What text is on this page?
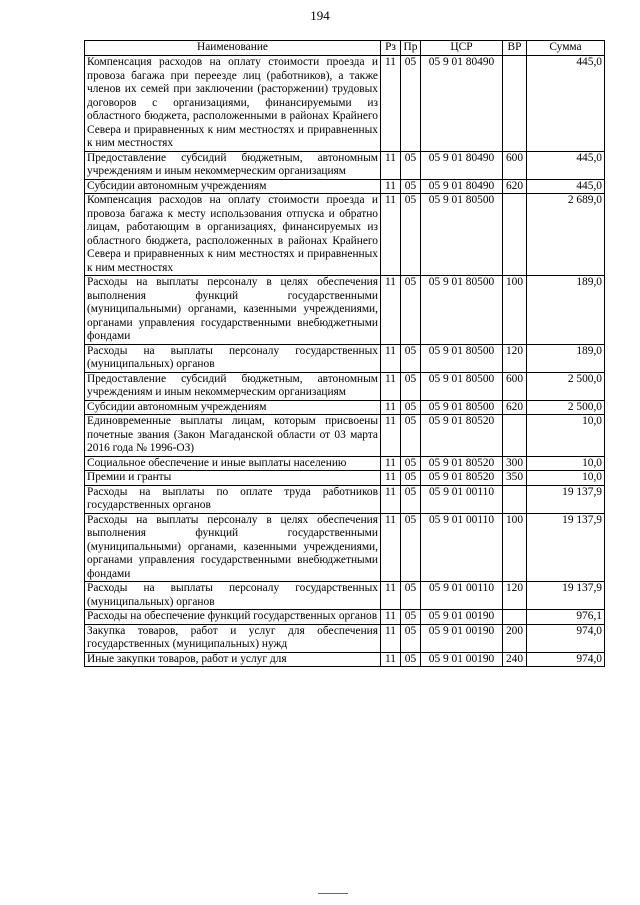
194
Наименование	Рз	Пр	ЦСР	ВР	Сумма
Компенсация расходов на оплату стоимости проезда и провоза багажа при переезде лиц (работников), а также членов их семей при заключении (расторжении) трудовых договоров с организациями, финансируемыми из областного бюджета, расположенными в районах Крайнего Севера и приравненных к ним местностях и приравненных к ним местностях	11	05	05 9 01 80490		445,0
Предоставление субсидий бюджетным, автономным учреждениям и иным некоммерческим организациям	11	05	05 9 01 80490	600	445,0
Субсидии автономным учреждениям	11	05	05 9 01 80490	620	445,0
Компенсация расходов на оплату стоимости проезда и провоза багажа к месту использования отпуска и обратно лицам, работающим в организациях, финансируемых из областного бюджета, расположенных в районах Крайнего Севера и приравненных к ним местностях и приравненных к ним местностях	11	05	05 9 01 80500		2 689,0
Расходы на выплаты персоналу в целях обеспечения выполнения функций государственными (муниципальными) органами, казенными учреждениями, органами управления государственными внебюджетными фондами	11	05	05 9 01 80500	100	189,0
Расходы на выплаты персоналу государственных (муниципальных) органов	11	05	05 9 01 80500	120	189,0
Предоставление субсидий бюджетным, автономным учреждениям и иным некоммерческим организациям	11	05	05 9 01 80500	600	2 500,0
Субсидии автономным учреждениям	11	05	05 9 01 80500	620	2 500,0
Единовременные выплаты лицам, которым присвоены почетные звания (Закон Магаданской области от 03 марта 2016 года № 1996-ОЗ)	11	05	05 9 01 80520		10,0
Социальное обеспечение и иные выплаты населению	11	05	05 9 01 80520	300	10,0
Премии и гранты	11	05	05 9 01 80520	350	10,0
Расходы на выплаты по оплате труда работников государственных органов	11	05	05 9 01 00110		19 137,9
Расходы на выплаты персоналу в целях обеспечения выполнения функций государственными (муниципальными) органами, казенными учреждениями, органами управления государственными внебюджетными фондами	11	05	05 9 01 00110	100	19 137,9
Расходы на выплаты персоналу государственных (муниципальных) органов	11	05	05 9 01 00110	120	19 137,9
Расходы на обеспечение функций государственных органов	11	05	05 9 01 00190		976,1
Закупка товаров, работ и услуг для обеспечения государственных (муниципальных) нужд	11	05	05 9 01 00190	200	974,0
Иные закупки товаров, работ и услуг для	11	05	05 9 01 00190	240	974,0
